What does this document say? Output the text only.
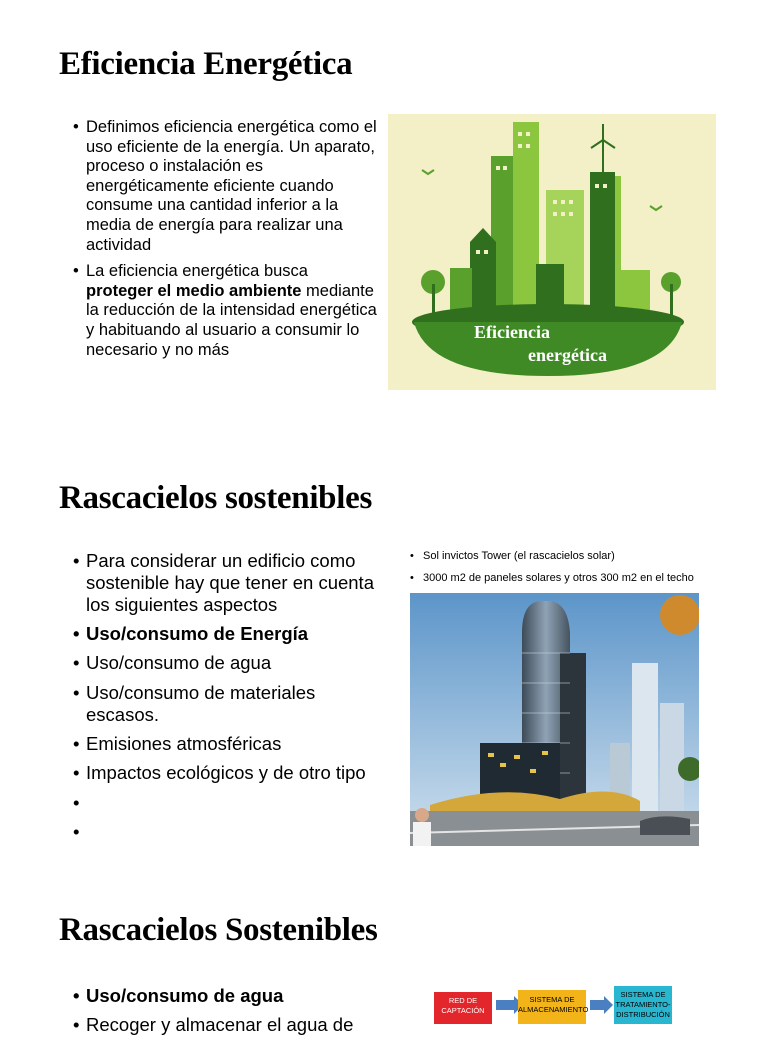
Eficiencia Energética
• Definimos eficiencia energética como el uso eficiente de la energía. Un aparato, proceso o instalación es energéticamente eficiente cuando consume una cantidad inferior a la media de energía para realizar una actividad
• La eficiencia energética busca proteger el medio ambiente mediante la reducción de la intensidad energética y habituando al usuario a consumir lo necesario y no más
Eficiencia
energética
Rascacielos sostenibles
• Para considerar un edificio como sostenible hay que tener en cuenta los siguientes aspectos
• Uso/consumo de Energía
• Uso/consumo de agua
• Uso/consumo de materiales escasos.
• Emisiones atmosféricas
• Impactos ecológicos y de otro tipo
•
•
• Sol invictos Tower (el rascacielos solar)
• 3000 m2 de paneles solares y otros 300 m2 en el techo
Rascacielos Sostenibles
• Uso/consumo de agua
• Recoger y almacenar el agua de
RED DE CAPTACIÓN
SISTEMA DE ALMACENAMIENTO
SISTEMA DE TRATAMIENTO-DISTRIBUCIÓN
